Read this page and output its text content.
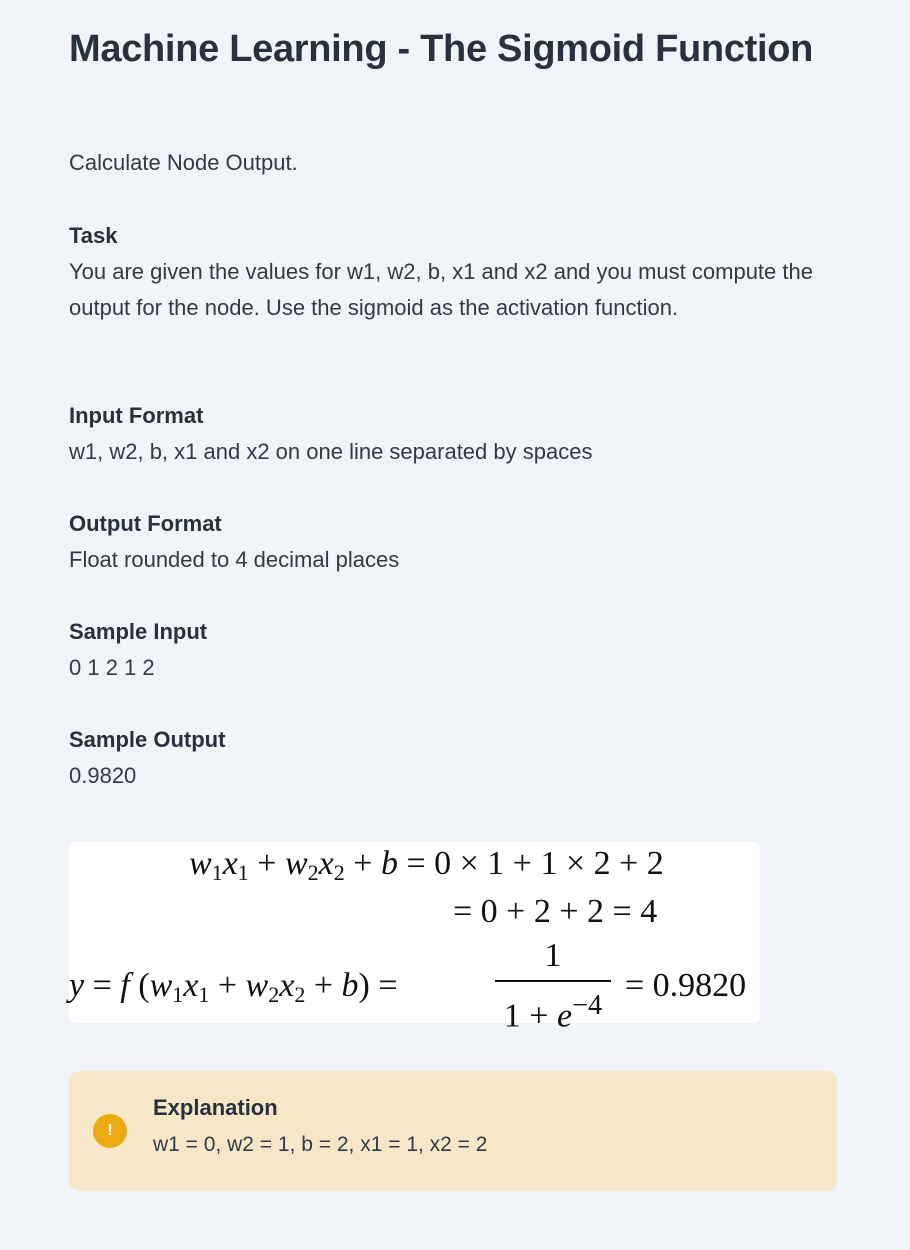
Machine Learning - The Sigmoid Function
Calculate Node Output.
Task

You are given the values for w1, w2, b, x1 and x2 and you must compute the output for the node. Use the sigmoid as the activation function.

Input Format

w1, w2, b, x1 and x2 on one line separated by spaces

Output Format

Float rounded to 4 decimal places

Sample Input

0 1 2 1 2

Sample Output

0.9820

$w_1x_1 + w_2x_2 + b = 0 \times 1 + 1 \times 2 + 2$
= 0 + 2 + 2 = 4
y = f $(w_1x_1 + w_2x_2 + b)$ =
1
$1 + e^{-4}$
= 0.9820
!
Explanation
w1 = 0, w2 = 1, b = 2, x1 = 1, x2 = 2
